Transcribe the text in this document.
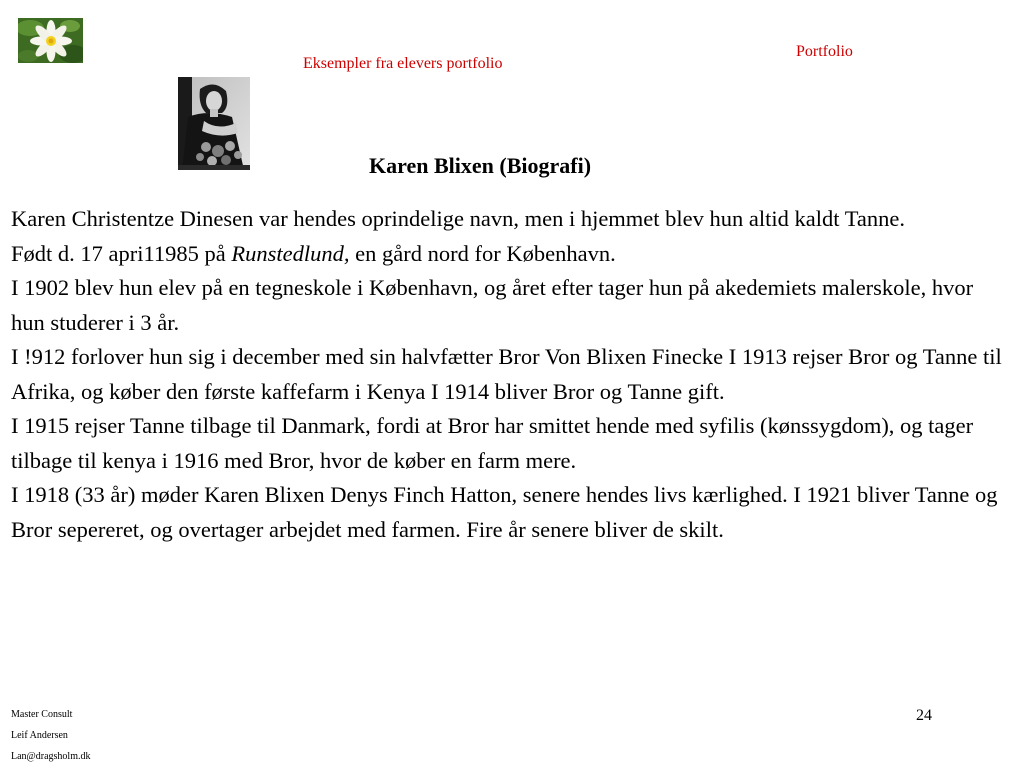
Eksempler fra elevers portfolio
Portfolio
Karen Blixen (Biografi)

Karen Christentze Dinesen var hendes oprindelige navn, men i hjemmet blev hun altid kaldt Tanne.

Født d. 17 apri11985 på Runstedlund, en gård nord for København.

I 1902 blev hun elev på en tegneskole i København, og året efter tager hun på akedemiets malerskole, hvor hun studerer i 3 år.

I !912 forlover hun sig i december med sin halvfætter Bror Von Blixen Finecke I 1913 rejser Bror og Tanne til Afrika, og køber den første kaffefarm i Kenya I 1914 bliver Bror og Tanne gift.

I 1915 rejser Tanne tilbage til Danmark, fordi at Bror har smittet hende med syfilis (kønssygdom), og tager tilbage til kenya i 1916 med Bror, hvor de køber en farm mere.

I 1918 (33 år) møder Karen Blixen Denys Finch Hatton, senere hendes livs kærlighed. I 1921 bliver Tanne og Bror sepereret, og overtager arbejdet med farmen. Fire år senere bliver de skilt.

Master Consult
Leif Andersen
Lan@dragsholm.dk
24
